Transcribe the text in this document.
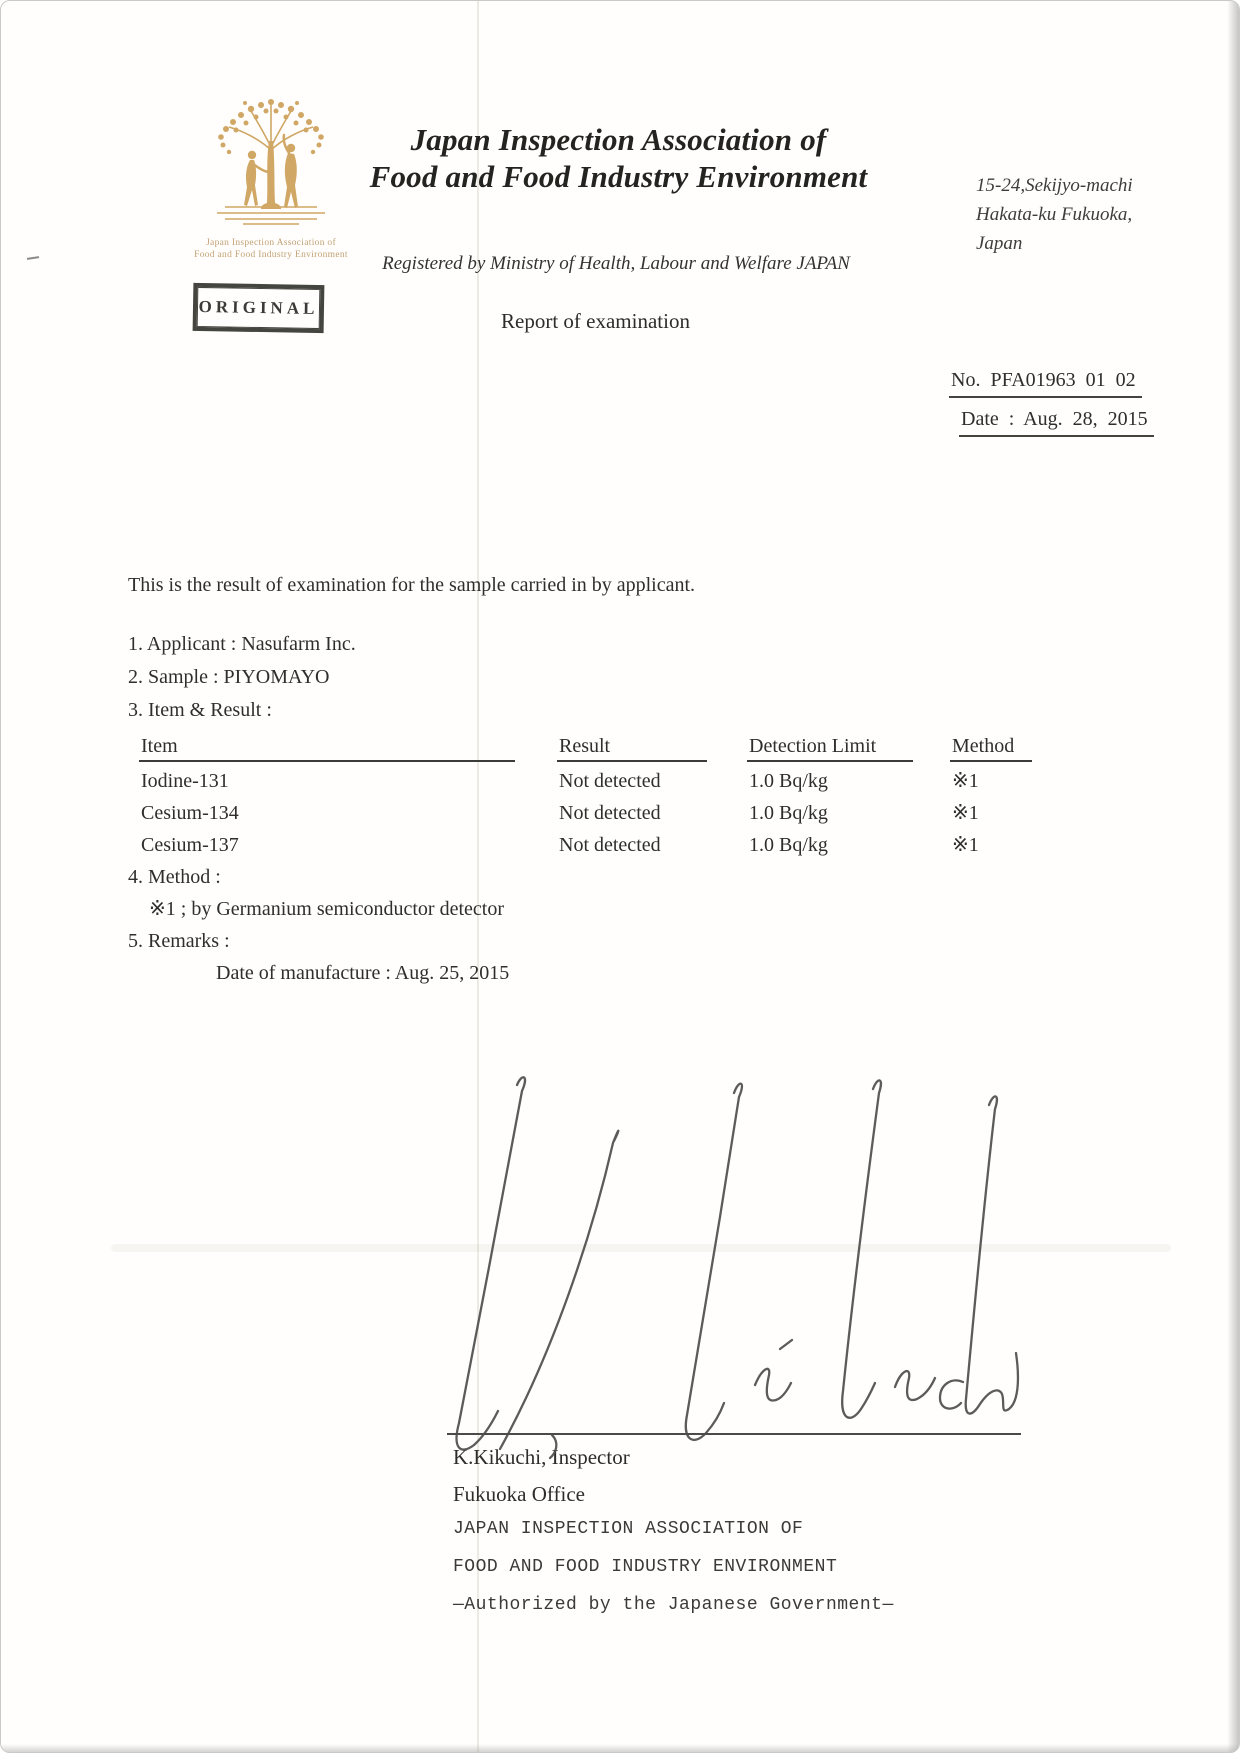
Japan Inspection Association of
Food and Food Industry Environment
Japan Inspection Association of
Food and Food Industry Environment	15-24,Sekijyo-machi
Hakata-ku Fukuoka,
Japan
Registered by Ministry of Health, Labour and Welfare JAPAN
ORIGINAL
Report of examination
No. PFA01963 01 02
Date : Aug. 28, 2015
This is the result of examination for the sample carried in by applicant.
1. Applicant : Nasufarm Inc.
2. Sample : PIYOMAYO
3. Item & Result :
Item	Result	Detection Limit	Method
Iodine-131	Not detected	1.0 Bq/kg	※1
Cesium-134	Not detected	1.0 Bq/kg	※1
Cesium-137	Not detected	1.0 Bq/kg	※1
4. Method :
※1 ; by Germanium semiconductor detector
5. Remarks :
Date of manufacture : Aug. 25, 2015
K.Kikuchi, Inspector
Fukuoka Office
JAPAN INSPECTION ASSOCIATION OF
FOOD AND FOOD INDUSTRY ENVIRONMENT
—Authorized by the Japanese Government—
